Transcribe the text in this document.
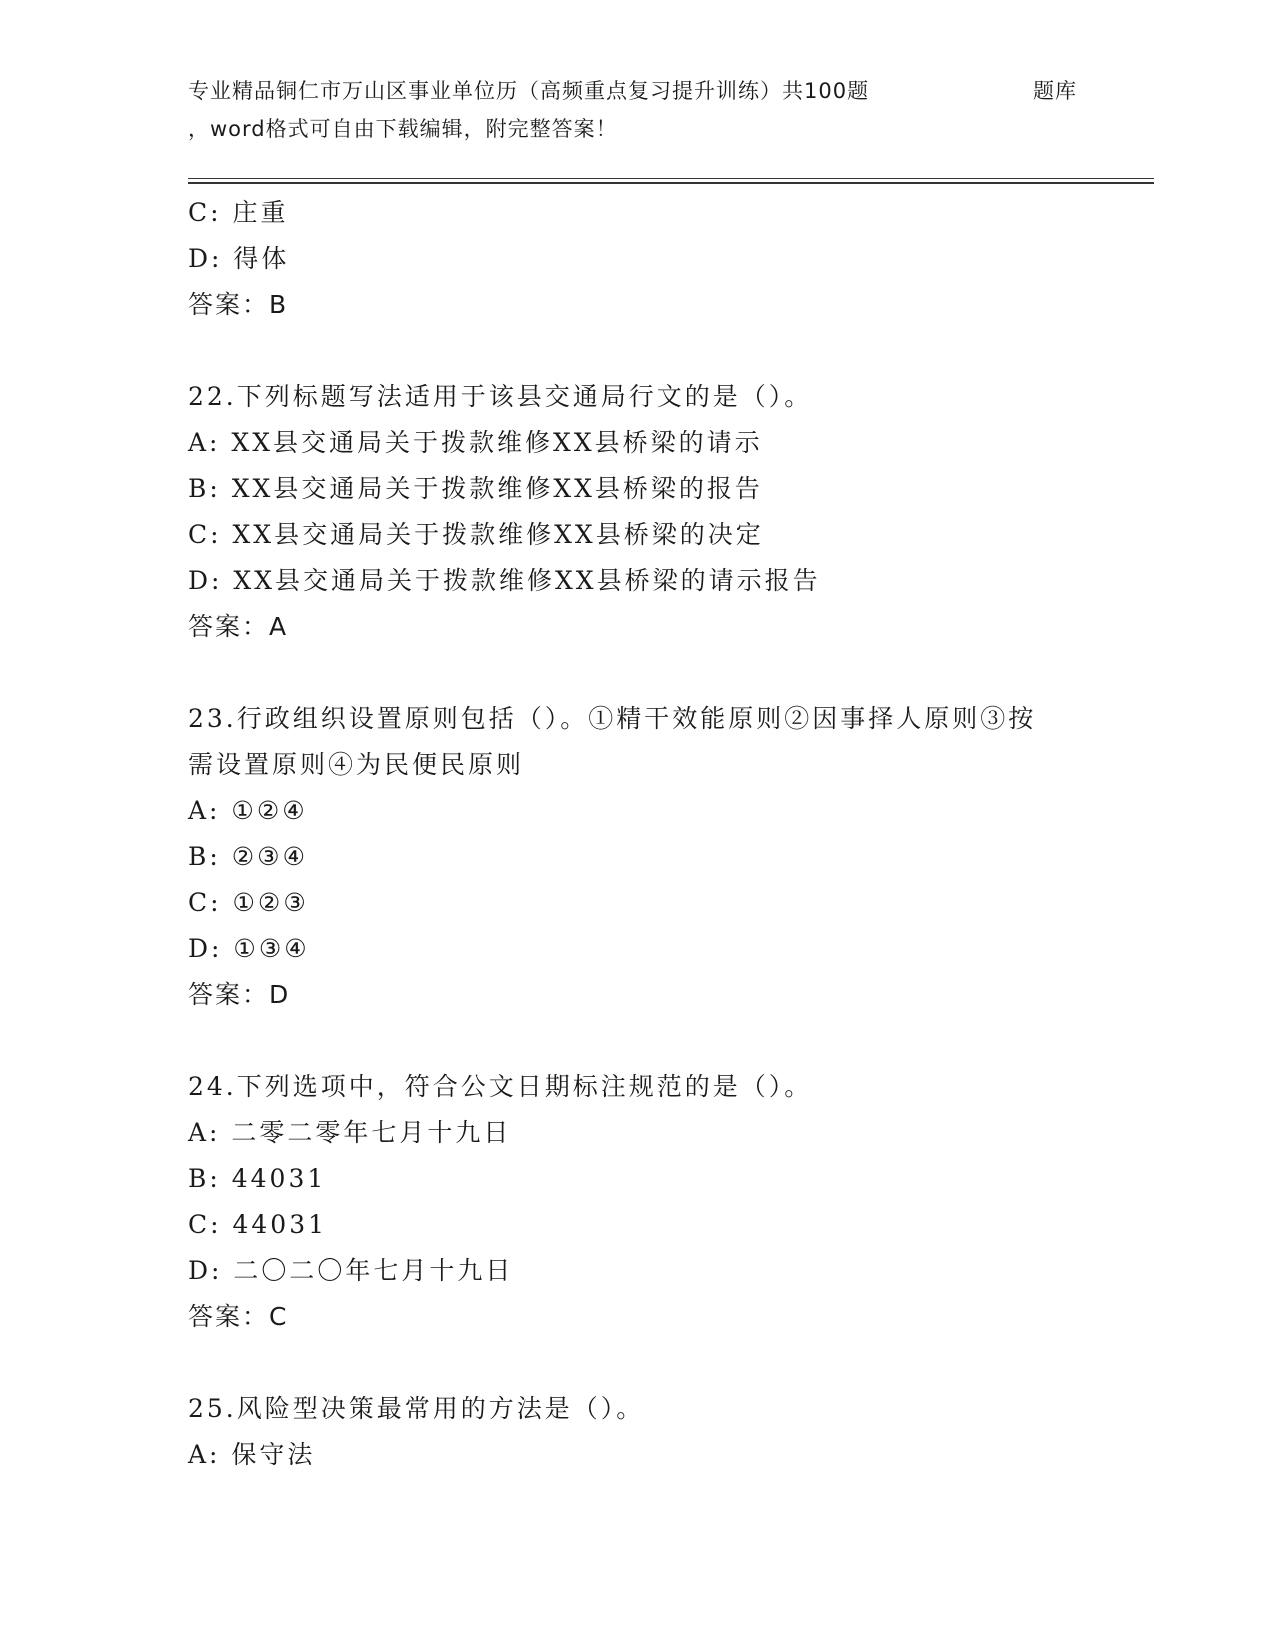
专业精品铜仁市万山区事业单位历（高频重点复习提升训练）共100题	题库
，word格式可自由下载编辑，附完整答案！
C: 庄重
D: 得体
答案：B
22.下列标题写法适用于该县交通局行文的是（）。
A: XX县交通局关于拨款维修XX县桥梁的请示
B: XX县交通局关于拨款维修XX县桥梁的报告
C: XX县交通局关于拨款维修XX县桥梁的决定
D: XX县交通局关于拨款维修XX县桥梁的请示报告
答案：A
23.行政组织设置原则包括（）。①精干效能原则②因事择人原则③按
需设置原则④为民便民原则
A: ①②④
B: ②③④
C: ①②③
D: ①③④
答案：D
24.下列选项中，符合公文日期标注规范的是（）。
A: 二零二零年七月十九日
B: 44031
C: 44031
D: 二〇二〇年七月十九日
答案：C
25.风险型决策最常用的方法是（）。
A: 保守法
